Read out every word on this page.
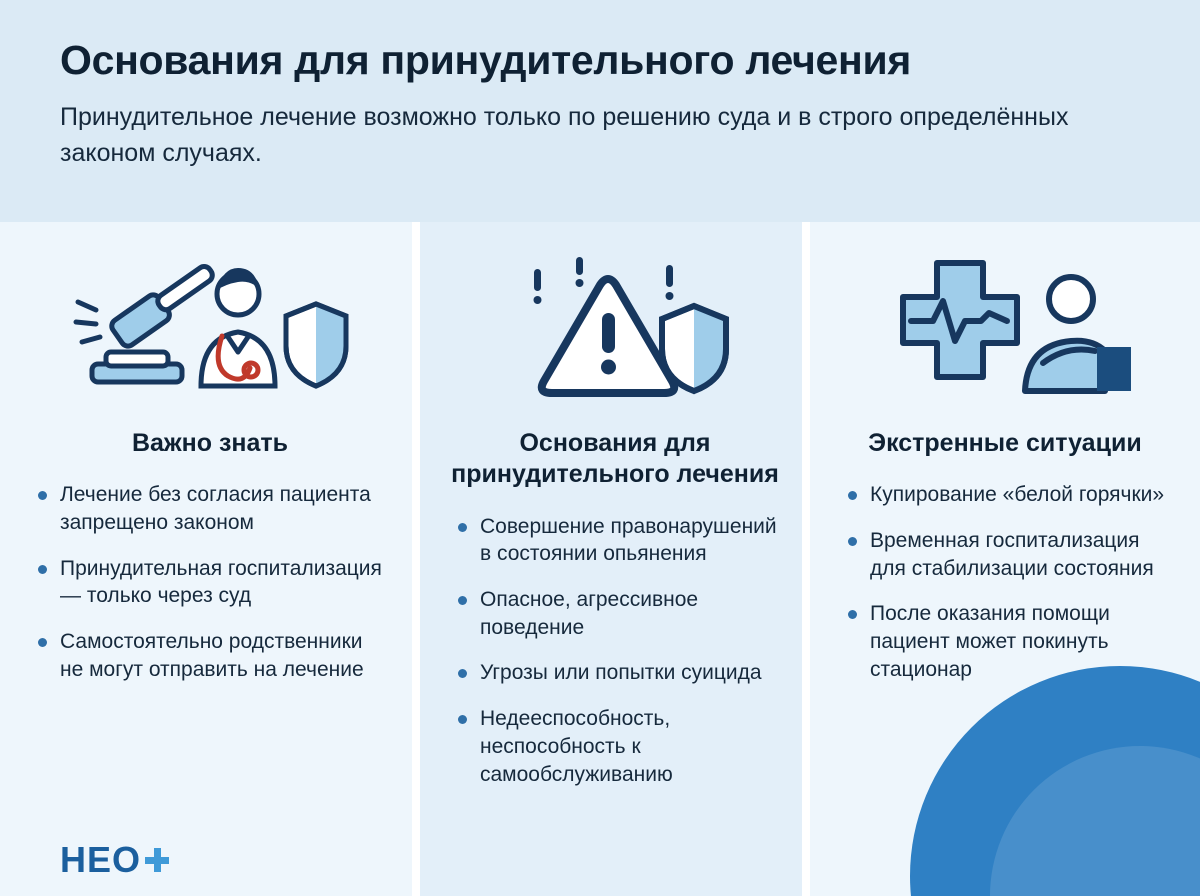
Основания для принудительного лечения

Принудительное лечение возможно только по решению суда и в строго определённых законом случаях.

Важно знать
Лечение без согласия пациента запрещено законом
Принудительная госпитализация — только через суд
Самостоятельно родственники не могут отправить на лечение
Основания для принудительного лечения
Совершение правонарушений в состоянии опьянения
Опасное, агрессивное поведение
Угрозы или попытки суицида
Недееспособность, неспособность к самообслуживанию
Экстренные ситуации
Купирование «белой горячки»
Временная госпитализация для стабилизации состояния
После оказания помощи пациент может покинуть стационар
НЕО
